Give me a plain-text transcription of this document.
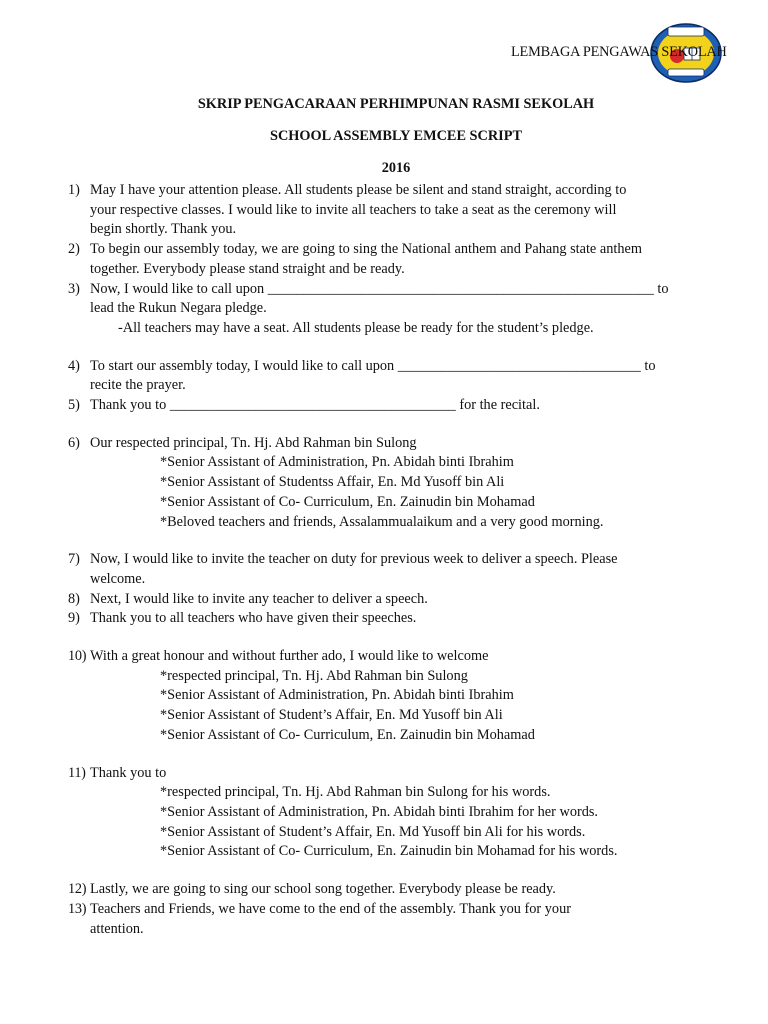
LEMBAGA PENGAWAS SEKOLAH
SKRIP PENGACARAAN PERHIMPUNAN RASMI SEKOLAH
SCHOOL ASSEMBLY EMCEE SCRIPT
2016
1) May I have your attention please. All students please be silent and stand straight, according to
your respective classes. I would like to invite all teachers to take a seat as the ceremony will
begin shortly. Thank you.
2) To begin our assembly today, we are going to sing the National anthem and Pahang state anthem
together. Everybody please stand straight and be ready.
3) Now, I would like to call upon ______________________________________________________ to
lead the Rukun Negara pledge.
-All teachers may have a seat. All students please be ready for the student’s pledge.
4) To start our assembly today, I would like to call upon __________________________________ to
recite the prayer.
5) Thank you to ________________________________________ for the recital.
6) Our respected principal, Tn. Hj. Abd Rahman bin Sulong
*Senior Assistant of Administration, Pn. Abidah binti Ibrahim
*Senior Assistant of Studentss Affair, En. Md Yusoff bin Ali
*Senior Assistant of Co- Curriculum, En. Zainudin bin Mohamad
*Beloved teachers and friends, Assalammualaikum and a very good morning.
7) Now, I would like to invite the teacher on duty for previous week to deliver a speech. Please
welcome.
8) Next, I would like to invite any teacher to deliver a speech.
9) Thank you to all teachers who have given their speeches.
10) With a great honour and without further ado, I would like to welcome
*respected principal, Tn. Hj. Abd Rahman bin Sulong
*Senior Assistant of Administration, Pn. Abidah binti Ibrahim
*Senior Assistant of Student’s Affair, En. Md Yusoff bin Ali
*Senior Assistant of Co- Curriculum, En. Zainudin bin Mohamad
11) Thank you to
*respected principal, Tn. Hj. Abd Rahman bin Sulong for his words.
*Senior Assistant of Administration, Pn. Abidah binti Ibrahim for her words.
*Senior Assistant of Student’s Affair, En. Md Yusoff bin Ali for his words.
*Senior Assistant of Co- Curriculum, En. Zainudin bin Mohamad for his words.
12) Lastly, we are going to sing our school song together. Everybody please be ready.
13) Teachers and Friends, we have come to the end of the assembly. Thank you for your
attention.
